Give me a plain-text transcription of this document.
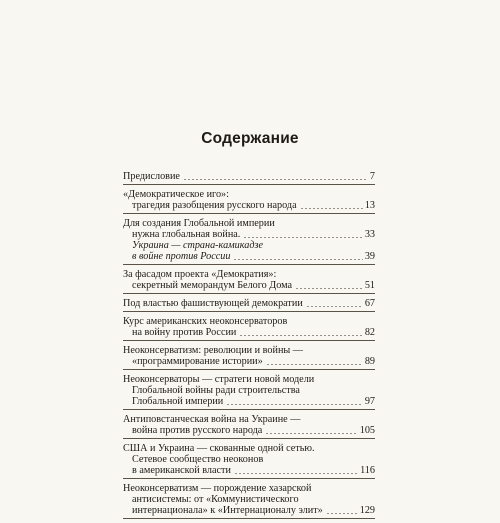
Содержание
Предисловие	7
«Демократическое иго»:
трагедия разобщения русского народа	13
Для создания Глобальной империи
нужна глобальная война.	33
Украина — страна-камикадзе
в войне против России	39
За фасадом проекта «Демократия»:
секретный меморандум Белого Дома	51
Под властью фашиствующей демократии	67
Курс американских неоконсерваторов
на войну против России	82
Неоконсерватизм: революции и войны —
«программирование истории»	89
Неоконсерваторы — стратеги новой модели
Глобальной войны ради строительства
Глобальной империи	97
Антиповстанческая война на Украине —
война против русского народа	105
США и Украина — скованные одной сетью.
Сетевое сообщество неоконов
в американской власти	116
Неоконсерватизм — порождение хазарской
антисистемы: от «Коммунистического
интернационала» к «Интернационалу элит»	129
